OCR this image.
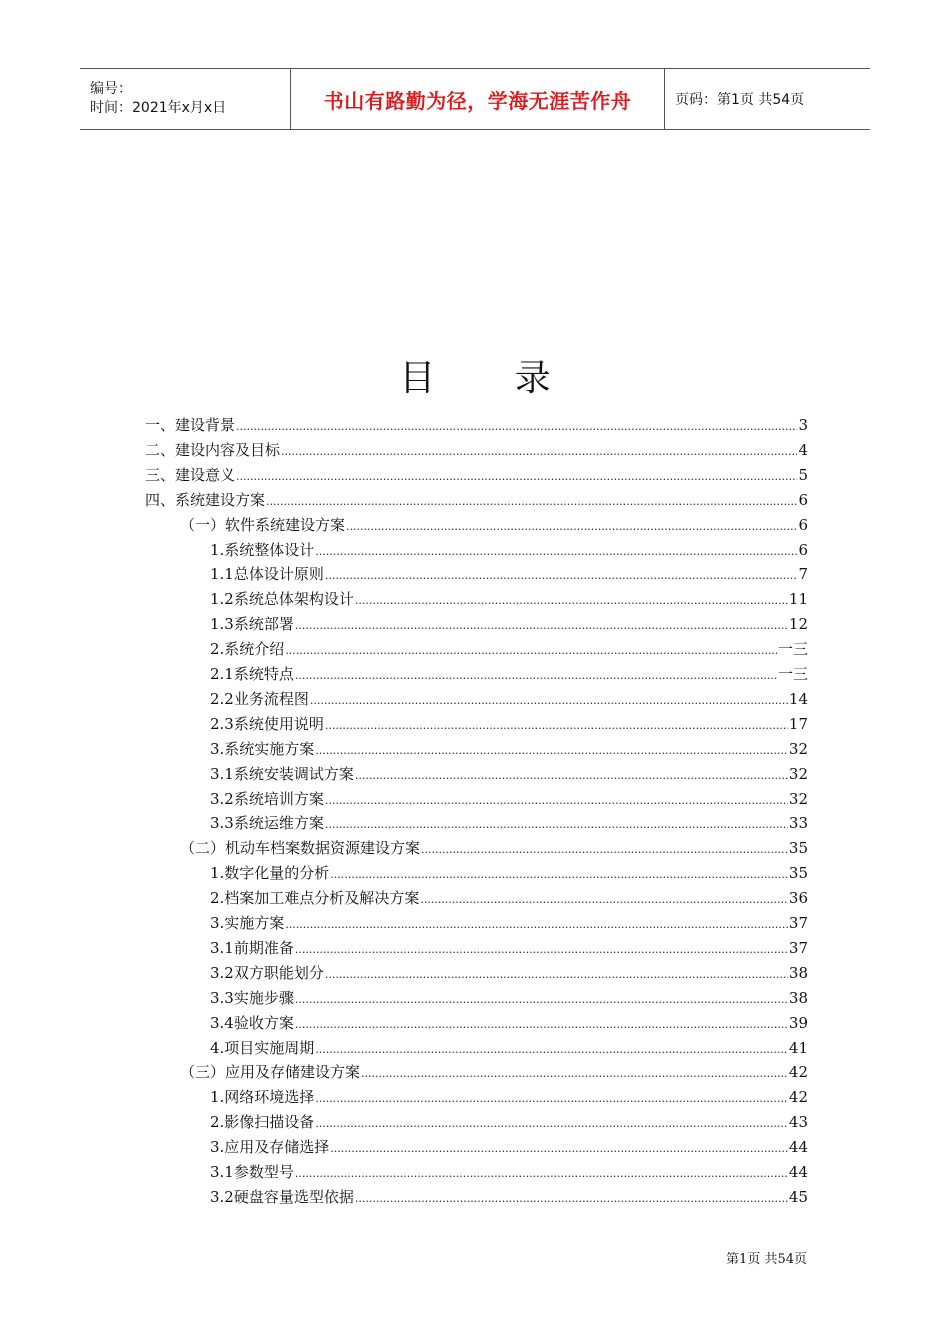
编号：
时间：2021年x月x日	书山有路勤为径，学海无涯苦作舟	页码：第1页 共54页
目 录
一、建设背景 .....	3
二、建设内容及目标 .....	4
三、建设意义 .....	5
四、系统建设方案 .....	6
（一）软件系统建设方案 .....	6
1.系统整体设计 .....	6
1.1总体设计原则 .....	7
1.2系统总体架构设计 .....	11
1.3系统部署 .....	12
2.系统介绍 .....	一三
2.1系统特点 .....	一三
2.2业务流程图 .....	14
2.3系统使用说明 .....	17
3.系统实施方案 .....	32
3.1系统安装调试方案 .....	32
3.2系统培训方案 .....	32
3.3系统运维方案 .....	33
（二）机动车档案数据资源建设方案 .....	35
1.数字化量的分析 .....	35
2.档案加工难点分析及解决方案 .....	36
3.实施方案 .....	37
3.1前期准备 .....	37
3.2双方职能划分 .....	38
3.3实施步骤 .....	38
3.4验收方案 .....	39
4.项目实施周期 .....	41
（三）应用及存储建设方案 .....	42
1.网络环境选择 .....	42
2.影像扫描设备 .....	43
3.应用及存储选择 .....	44
3.1参数型号 .....	44
3.2硬盘容量选型依据 .....	45
第1页 共54页
